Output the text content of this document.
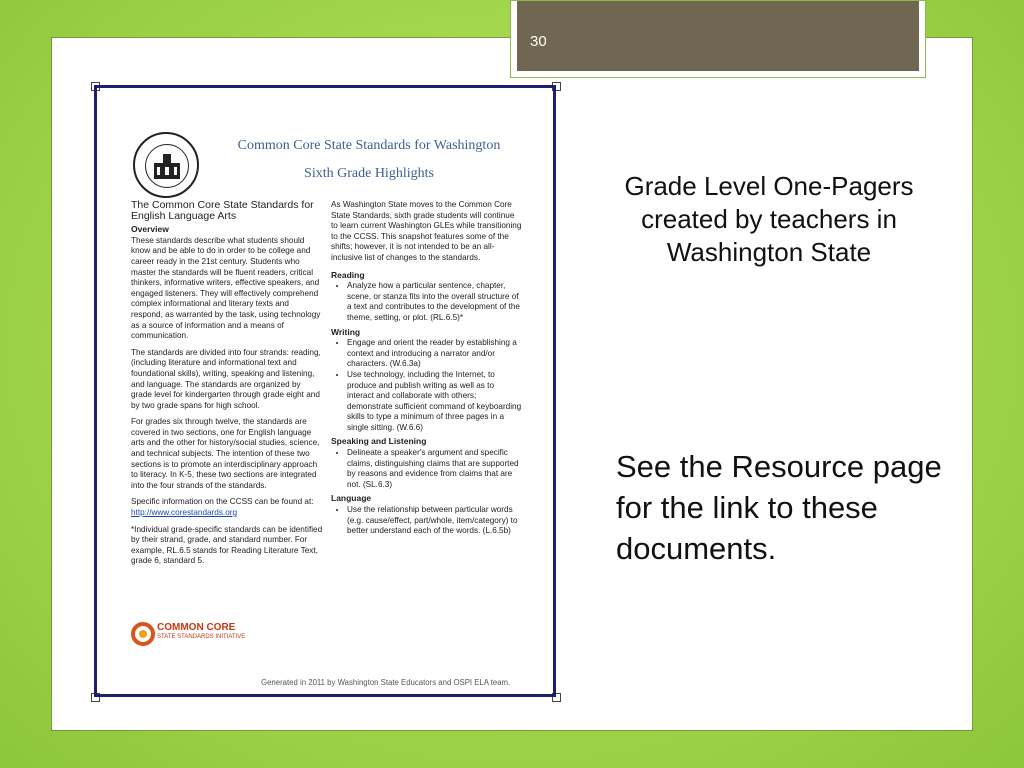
30
Common Core State Standards for Washington
Sixth Grade Highlights
The Common Core State Standards for English Language Arts
Overview

These standards describe what students should know and be able to do in order to be college and career ready in the 21st century. Students who master the standards will be fluent readers, critical thinkers, informative writers, effective speakers, and engaged listeners. They will effectively comprehend complex informational and literary texts and respond, as warranted by the task, using technology as a source of information and a means of communication.

The standards are divided into four strands: reading, (including literature and informational text and foundational skills), writing, speaking and listening, and language. The standards are organized by grade level for kindergarten through grade eight and by two grade spans for high school.

For grades six through twelve, the standards are covered in two sections, one for English language arts and the other for history/social studies, science, and technical subjects. The intention of these two sections is to promote an interdisciplinary approach to literacy. In K-5, these two sections are integrated into the four strands of the standards.

Specific information on the CCSS can be found at:

http://www.corestandards.org

*Individual grade-specific standards can be identified by their strand, grade, and standard number. For example, RL.6.5 stands for Reading Literature Text, grade 6, standard 5.

As Washington State moves to the Common Core State Standards, sixth grade students will continue to learn current Washington GLEs while transitioning to the CCSS. This snapshot features some of the shifts; however, it is not intended to be an all-inclusive list of changes to the standards.

Reading
• Analyze how a particular sentence, chapter, scene, or stanza fits into the overall structure of a text and contributes to the development of the theme, setting, or plot. (RL.6.5)*
Writing
• Engage and orient the reader by establishing a context and introducing a narrator and/or characters. (W.6.3a)
• Use technology, including the Internet, to produce and publish writing as well as to interact and collaborate with others; demonstrate sufficient command of keyboarding skills to type a minimum of three pages in a single sitting. (W.6.6)
Speaking and Listening
• Delineate a speaker's argument and specific claims, distinguishing claims that are supported by reasons and evidence from claims that are not. (SL.6.3)
Language
• Use the relationship between particular words (e.g. cause/effect, part/whole, item/category) to better understand each of the words. (L.6.5b)
COMMON CORE
STATE STANDARDS INITIATIVE
Generated in 2011 by Washington State Educators and OSPI ELA team.
Grade Level One-Pagers created by teachers in Washington State
See the Resource page for the link to these documents.
